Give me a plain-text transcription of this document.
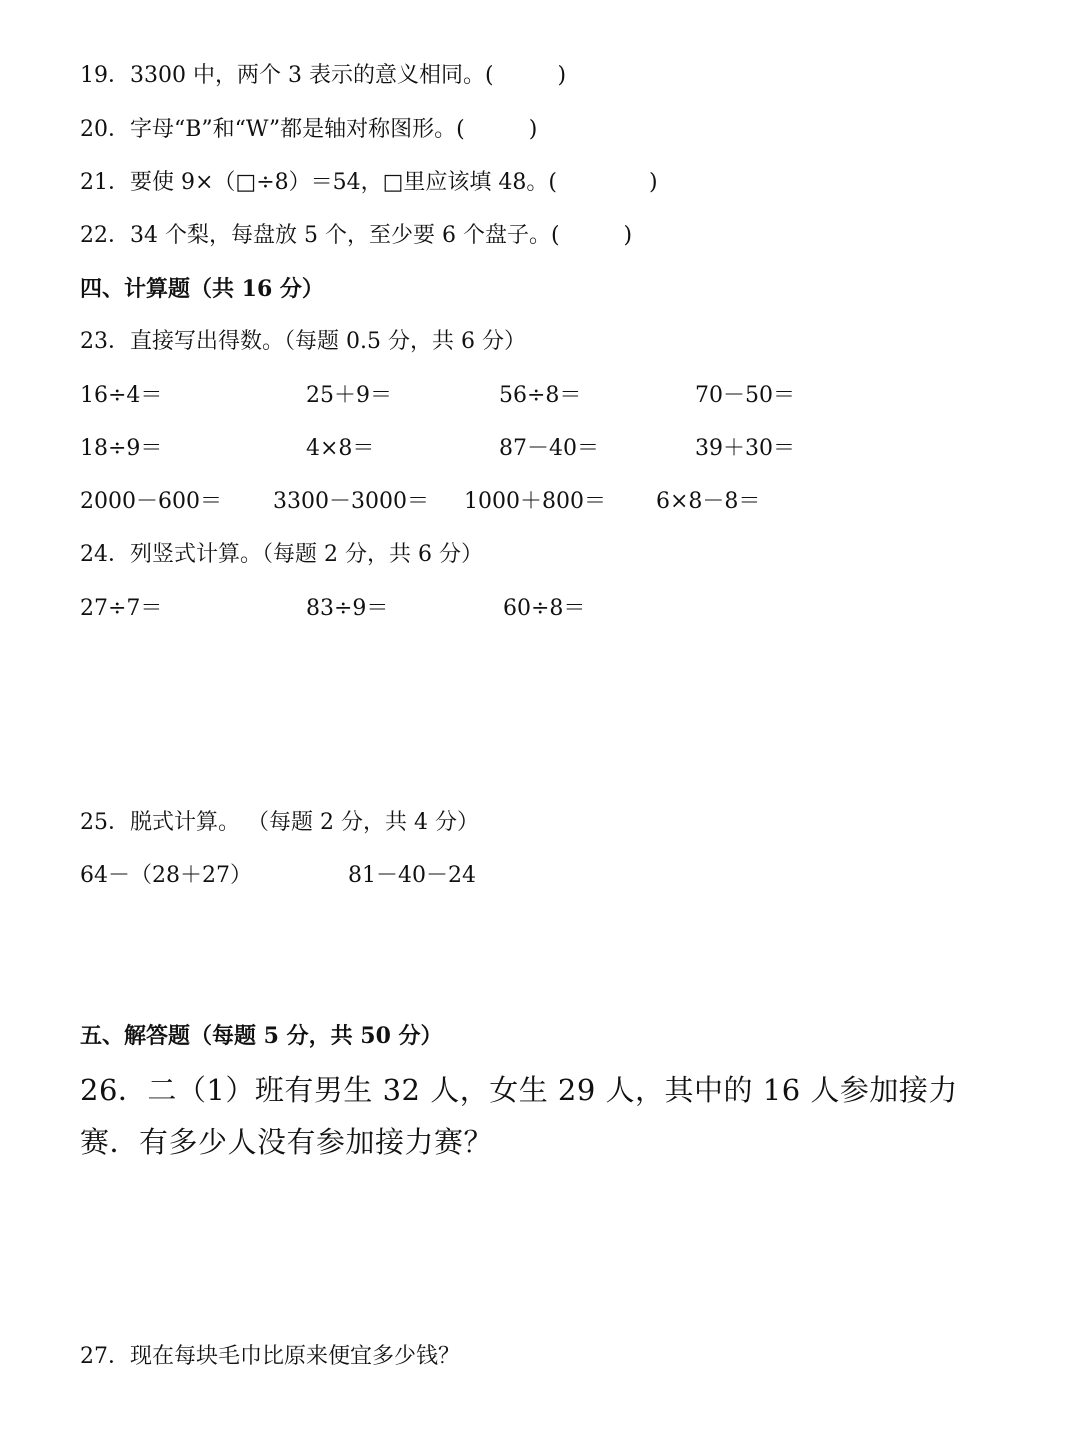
19．3300 中，两个 3 表示的意义相同。(	)
20．字母“B”和“W”都是轴对称图形。(	)
21．要使 9×（□÷8）＝54，□里应该填 48。(	)
22．34 个梨，每盘放 5 个，至少要 6 个盘子。(	)
四、计算题（共 16 分）
23．直接写出得数。（每题 0.5 分，共 6 分）
16÷4＝	25＋9＝	56÷8＝	70－50＝
18÷9＝	4×8＝	87－40＝	39＋30＝
2000－600＝ 3300－3000＝ 1000＋800＝ 6×8－8＝
24．列竖式计算。（每题 2 分，共 6 分）
27÷7＝	83÷9＝	60÷8＝
25．脱式计算。 （每题 2 分，共 4 分）
64－（28＋27）	81－40－24
五、解答题（每题 5 分，共 50 分）
26．二（1）班有男生 32 人，女生 29 人，其中的 16 人参加接力赛．有多少人没有参加接力赛？
27．现在每块毛巾比原来便宜多少钱？
